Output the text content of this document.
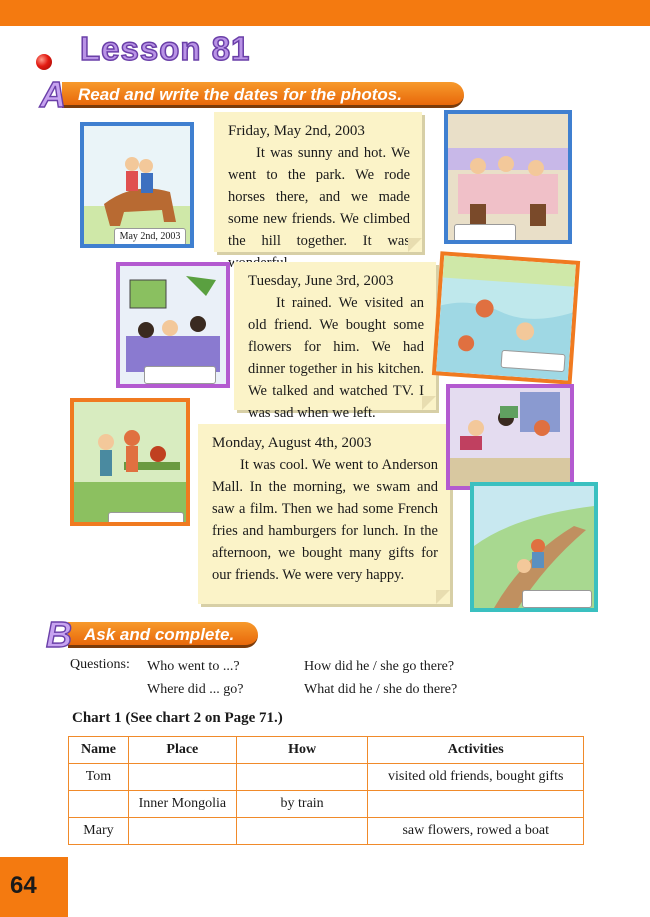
Lesson 81
Read and write the dates for the photos.
A
Friday, May 2nd, 2003

It was sunny and hot. We went to the park. We rode horses there, and we made some new friends. We climbed the hill together. It was

Tuesday, June 3rd, 2003

It rained. We visited an old friend. We bought some flowers for him. We had dinner together in his kitchen. We talked and watched TV. I was sad when we left.

Monday, August 4th, 2003

It was cool. We went to Anderson Mall. In the morning, we swam and saw a film. Then we had some French fries and hamburgers for lunch. In the afternoon, we bought many gifts for our friends. We were very happy.

May 2nd, 2003
Ask and complete.
B
Questions: Who went to ...?	How did he / she go there?
Where did ... go?	What did he / she do there?
Chart 1 (See chart 2 on Page 71.)
Name	Place	How	Activities
Tom			visited old friends, bought gifts
	Inner Mongolia	by train	
Mary			saw flowers, rowed a boat
64
